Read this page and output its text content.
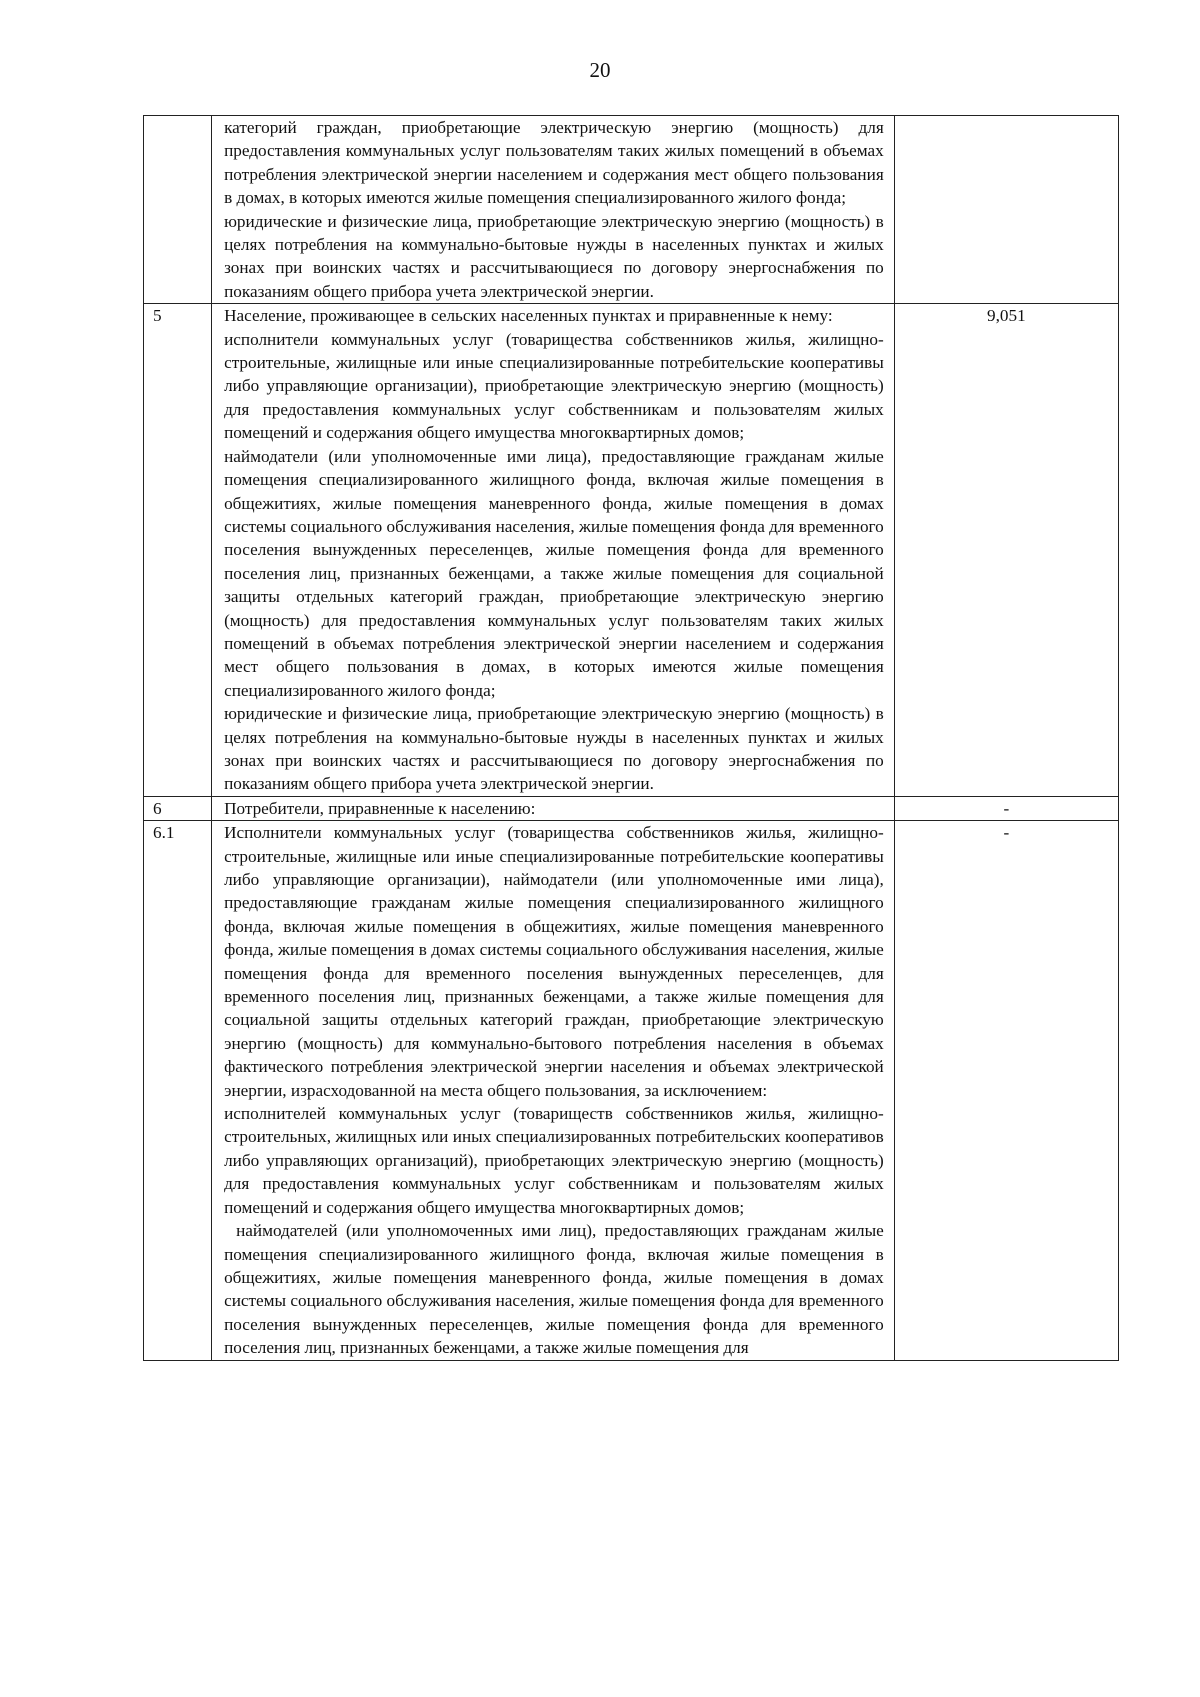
20

	категорий граждан, приобретающие электрическую энергию (мощность) для предоставления коммунальных услуг пользователям таких жилых помещений в объемах потребления электрической энергии населением и содержания мест общего пользования в домах, в которых имеются жилые помещения специализированного жилого фонда;
юридические и физические лица, приобретающие электрическую энергию (мощность) в целях потребления на коммунально-бытовые нужды в населенных пунктах и жилых зонах при воинских частях и рассчитывающиеся по договору энергоснабжения по показаниям общего прибора учета электрической энергии.	

5	Население, проживающее в сельских населенных пунктах и приравненные к нему:
исполнители коммунальных услуг (товарищества собственников жилья, жилищно-строительные, жилищные или иные специализированные потребительские кооперативы либо управляющие организации), приобретающие электрическую энергию (мощность) для предоставления коммунальных услуг собственникам и пользователям жилых помещений и содержания общего имущества многоквартирных домов;
наймодатели (или уполномоченные ими лица), предоставляющие гражданам жилые помещения специализированного жилищного фонда, включая жилые помещения в общежитиях, жилые помещения маневренного фонда, жилые помещения в домах системы социального обслуживания населения, жилые помещения фонда для временного поселения вынужденных переселенцев, жилые помещения фонда для временного поселения лиц, признанных беженцами, а также жилые помещения для социальной защиты отдельных категорий граждан, приобретающие электрическую энергию (мощность) для предоставления коммунальных услуг пользователям таких жилых помещений в объемах потребления электрической энергии населением и содержания мест общего пользования в домах, в которых имеются жилые помещения специализированного жилого фонда;
юридические и физические лица, приобретающие электрическую энергию (мощность) в целях потребления на коммунально-бытовые нужды в населенных пунктах и жилых зонах при воинских частях и рассчитывающиеся по договору энергоснабжения по показаниям общего прибора учета электрической энергии.	9,051
6	Потребители, приравненные к населению:	-
6.1	Исполнители коммунальных услуг (товарищества собственников жилья, жилищно-строительные, жилищные или иные специализированные потребительские кооперативы либо управляющие организации), наймодатели (или уполномоченные ими лица), предоставляющие гражданам жилые помещения специализированного жилищного фонда, включая жилые помещения в общежитиях, жилые помещения маневренного фонда, жилые помещения в домах системы социального обслуживания населения, жилые помещения фонда для временного поселения вынужденных переселенцев, для временного поселения лиц, признанных беженцами, а также жилые помещения для социальной защиты отдельных категорий граждан, приобретающие электрическую энергию (мощность) для коммунально-бытового потребления населения в объемах фактического потребления электрической энергии населения и объемах электрической энергии, израсходованной на места общего пользования, за исключением:
исполнителей коммунальных услуг (товариществ собственников жилья, жилищно-строительных, жилищных или иных специализированных потребительских кооперативов либо управляющих организаций), приобретающих электрическую энергию (мощность) для предоставления коммунальных услуг собственникам и пользователям жилых помещений и содержания общего имущества многоквартирных домов;
наймодателей (или уполномоченных ими лиц), предоставляющих гражданам жилые помещения специализированного жилищного фонда, включая жилые помещения в общежитиях, жилые помещения маневренного фонда, жилые помещения в домах системы социального обслуживания населения, жилые помещения фонда для временного поселения вынужденных переселенцев, жилые помещения фонда для временного поселения лиц, признанных беженцами, а также жилые помещения для	-
